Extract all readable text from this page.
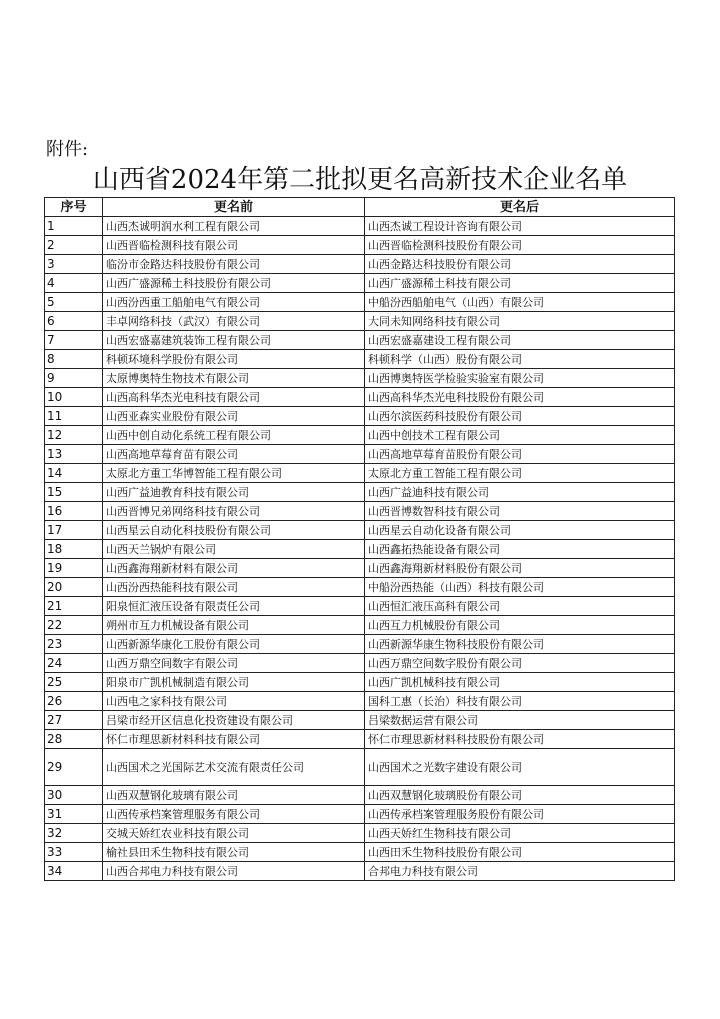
附件:
山西省2024年第二批拟更名高新技术企业名单
序号	更名前	更名后
1	山西杰诚明润水利工程有限公司	山西杰诚工程设计咨询有限公司
2	山西晋临检测科技有限公司	山西晋临检测科技股份有限公司
3	临汾市金路达科技股份有限公司	山西金路达科技股份有限公司
4	山西广盛源稀土科技股份有限公司	山西广盛源稀土科技有限公司
5	山西汾西重工船舶电气有限公司	中船汾西船舶电气（山西）有限公司
6	丰卓网络科技（武汉）有限公司	大同未知网络科技有限公司
7	山西宏盛嘉建筑装饰工程有限公司	山西宏盛嘉建设工程有限公司
8	科顿环境科学股份有限公司	科顿科学（山西）股份有限公司
9	太原博奥特生物技术有限公司	山西博奥特医学检验实验室有限公司
10	山西高科华杰光电科技有限公司	山西高科华杰光电科技股份有限公司
11	山西亚森实业股份有限公司	山西尔滨医药科技股份有限公司
12	山西中创自动化系统工程有限公司	山西中创技术工程有限公司
13	山西高地草莓育苗有限公司	山西高地草莓育苗股份有限公司
14	太原北方重工华博智能工程有限公司	太原北方重工智能工程有限公司
15	山西广益迪教育科技有限公司	山西广益迪科技有限公司
16	山西晋博兄弟网络科技有限公司	山西晋博数智科技有限公司
17	山西星云自动化科技股份有限公司	山西星云自动化设备有限公司
18	山西天兰锅炉有限公司	山西鑫拓热能设备有限公司
19	山西鑫海翔新材料有限公司	山西鑫海翔新材料股份有限公司
20	山西汾西热能科技有限公司	中船汾西热能（山西）科技有限公司
21	阳泉恒汇液压设备有限责任公司	山西恒汇液压高科有限公司
22	朔州市互力机械设备有限公司	山西互力机械股份有限公司
23	山西新源华康化工股份有限公司	山西新源华康生物科技股份有限公司
24	山西万鼎空间数字有限公司	山西万鼎空间数字股份有限公司
25	阳泉市广凯机械制造有限公司	山西广凯机械科技有限公司
26	山西电之家科技有限公司	国科工惠（长治）科技有限公司
27	吕梁市经开区信息化投资建设有限公司	吕梁数据运营有限公司
28	怀仁市理思新材料科技有限公司	怀仁市理思新材料科技股份有限公司
29	山西国术之光国际艺术交流有限责任公司	山西国术之光数字建设有限公司
30	山西双慧钢化玻璃有限公司	山西双慧钢化玻璃股份有限公司
31	山西传承档案管理服务有限公司	山西传承档案管理服务股份有限公司
32	交城天娇红农业科技有限公司	山西天娇红生物科技有限公司
33	榆社县田禾生物科技有限公司	山西田禾生物科技股份有限公司
34	山西合邦电力科技有限公司	合邦电力科技有限公司
